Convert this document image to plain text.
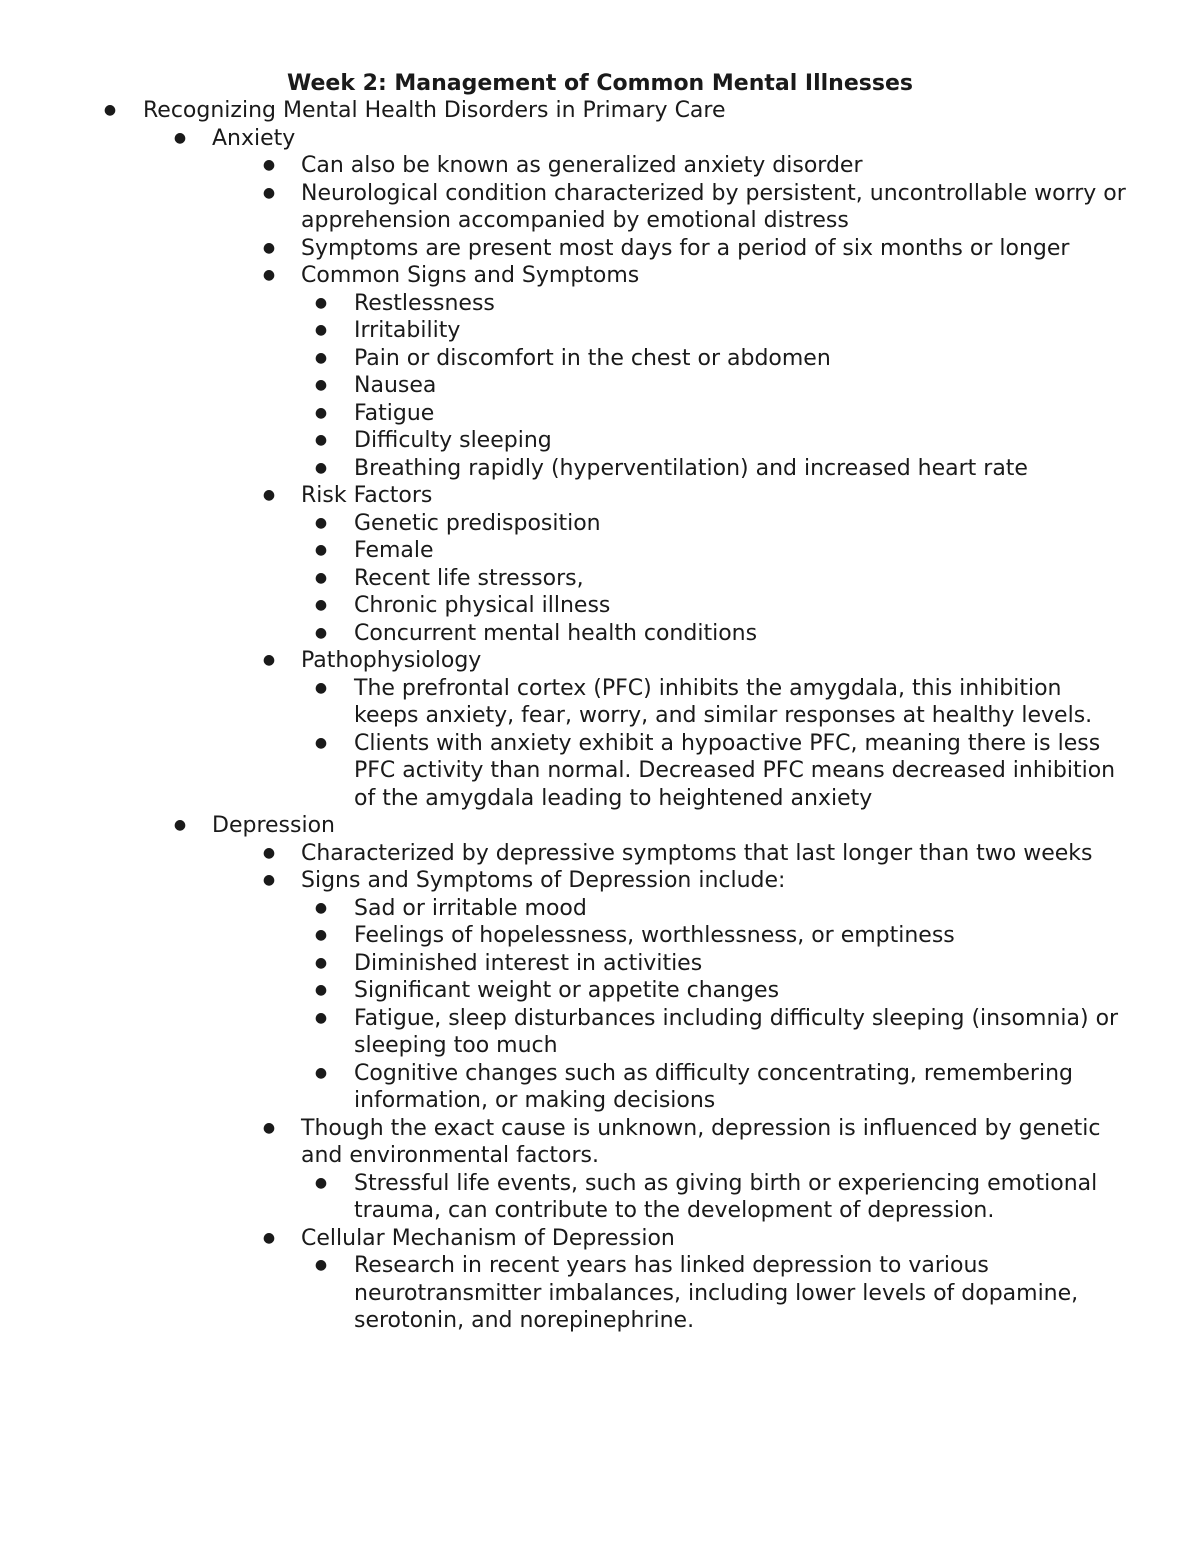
Week 2: Management of Common Mental Illnesses
● Recognizing Mental Health Disorders in Primary Care
● Anxiety
● Can also be known as generalized anxiety disorder
● Neurological condition characterized by persistent, uncontrollable worry or apprehension accompanied by emotional distress
● Symptoms are present most days for a period of six months or longer
● Common Signs and Symptoms
● Restlessness
● Irritability
● Pain or discomfort in the chest or abdomen
● Nausea
● Fatigue
● Difficulty sleeping
● Breathing rapidly (hyperventilation) and increased heart rate
● Risk Factors
● Genetic predisposition
● Female
● Recent life stressors,
● Chronic physical illness
● Concurrent mental health conditions
● Pathophysiology
● The prefrontal cortex (PFC) inhibits the amygdala, this inhibition keeps anxiety, fear, worry, and similar responses at healthy levels.
● Clients with anxiety exhibit a hypoactive PFC, meaning there is less PFC activity than normal. Decreased PFC means decreased inhibition of the amygdala leading to heightened anxiety
● Depression
● Characterized by depressive symptoms that last longer than two weeks
● Signs and Symptoms of Depression include:
● Sad or irritable mood
● Feelings of hopelessness, worthlessness, or emptiness
● Diminished interest in activities
● Significant weight or appetite changes
● Fatigue, sleep disturbances including difficulty sleeping (insomnia) or sleeping too much
● Cognitive changes such as difficulty concentrating, remembering information, or making decisions
● Though the exact cause is unknown, depression is influenced by genetic and environmental factors.
● Stressful life events, such as giving birth or experiencing emotional trauma, can contribute to the development of depression.
● Cellular Mechanism of Depression
● Research in recent years has linked depression to various neurotransmitter imbalances, including lower levels of dopamine, serotonin, and norepinephrine.
